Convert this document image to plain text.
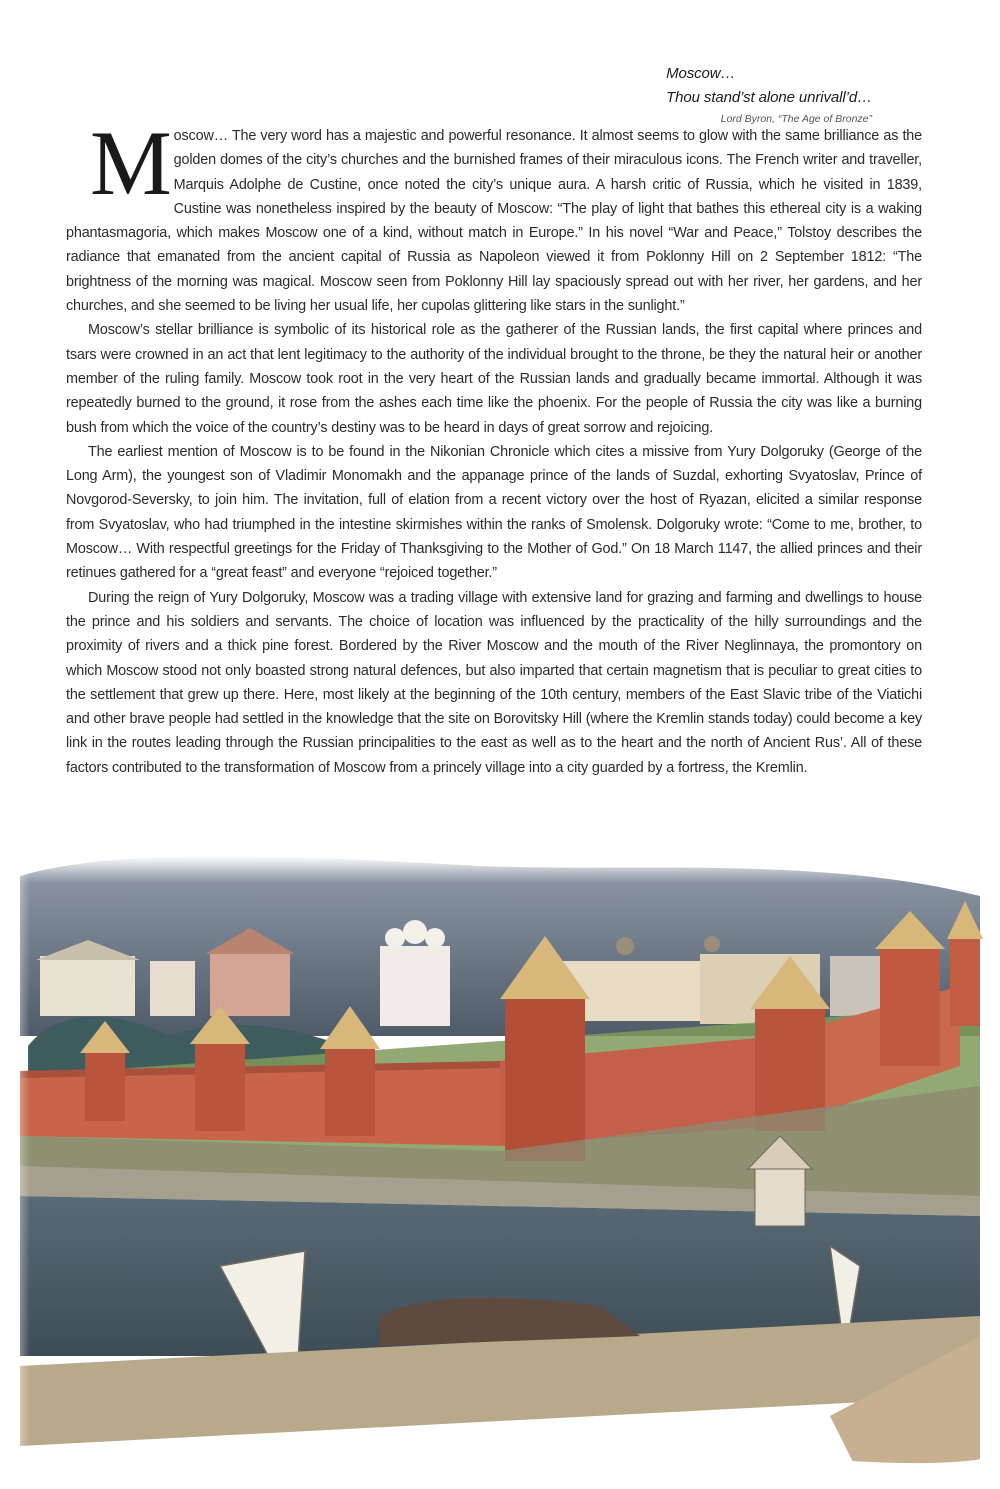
Moscow…
Thou stand’st alone unrivall’d…
Lord Byron, “The Age of Bronze”

Moscow… The very word has a majestic and powerful resonance. It almost seems to glow with the same brilliance as the golden domes of the city’s churches and the burnished frames of their miraculous icons. The French writer and traveller, Marquis Adolphe de Custine, once noted the city’s unique aura. A harsh critic of Russia, which he visited in 1839, Custine was nonetheless inspired by the beauty of Moscow: “The play of light that bathes this ethereal city is a waking phantasmagoria, which makes Moscow one of a kind, without match in Europe.” In his novel “War and Peace,” Tolstoy describes the radiance that emanated from the ancient capital of Russia as Napoleon viewed it from Poklonny Hill on 2 September 1812: “The brightness of the morning was magical. Moscow seen from Poklonny Hill lay spaciously spread out with her river, her gardens, and her churches, and she seemed to be living her usual life, her cupolas glittering like stars in the sunlight.”

Moscow’s stellar brilliance is symbolic of its historical role as the gatherer of the Russian lands, the first capital where princes and tsars were crowned in an act that lent legitimacy to the authority of the individual brought to the throne, be they the natural heir or another member of the ruling family. Moscow took root in the very heart of the Russian lands and gradually became immortal. Although it was repeatedly burned to the ground, it rose from the ashes each time like the phoenix. For the people of Russia the city was like a burning bush from which the voice of the country’s destiny was to be heard in days of great sorrow and rejoicing.

The earliest mention of Moscow is to be found in the Nikonian Chronicle which cites a missive from Yury Dolgoruky (George of the Long Arm), the youngest son of Vladimir Monomakh and the appanage prince of the lands of Suzdal, exhorting Svyatoslav, Prince of Novgorod-Seversky, to join him. The invitation, full of elation from a recent victory over the host of Ryazan, elicited a similar response from Svyatoslav, who had triumphed in the intestine skirmishes within the ranks of Smolensk. Dolgoruky wrote: “Come to me, brother, to Moscow… With respectful greetings for the Friday of Thanksgiving to the Mother of God.” On 18 March 1147, the allied princes and their retinues gathered for a “great feast” and everyone “rejoiced together.”

During the reign of Yury Dolgoruky, Moscow was a trading village with extensive land for grazing and farming and dwellings to house the prince and his soldiers and servants. The choice of location was influenced by the practicality of the hilly surroundings and the proximity of rivers and a thick pine forest. Bordered by the River Moscow and the mouth of the River Neglinnaya, the promontory on which Moscow stood not only boasted strong natural defences, but also imparted that certain magnetism that is peculiar to great cities to the settlement that grew up there. Here, most likely at the beginning of the 10th century, members of the East Slavic tribe of the Viatichi and other brave people had settled in the knowledge that the site on Borovitsky Hill (where the Kremlin stands today) could become a key link in the routes leading through the Russian principalities to the east as well as to the heart and the north of Ancient Rus’. All of these factors contributed to the transformation of Moscow from a princely village into a city guarded by a fortress, the Kremlin.
